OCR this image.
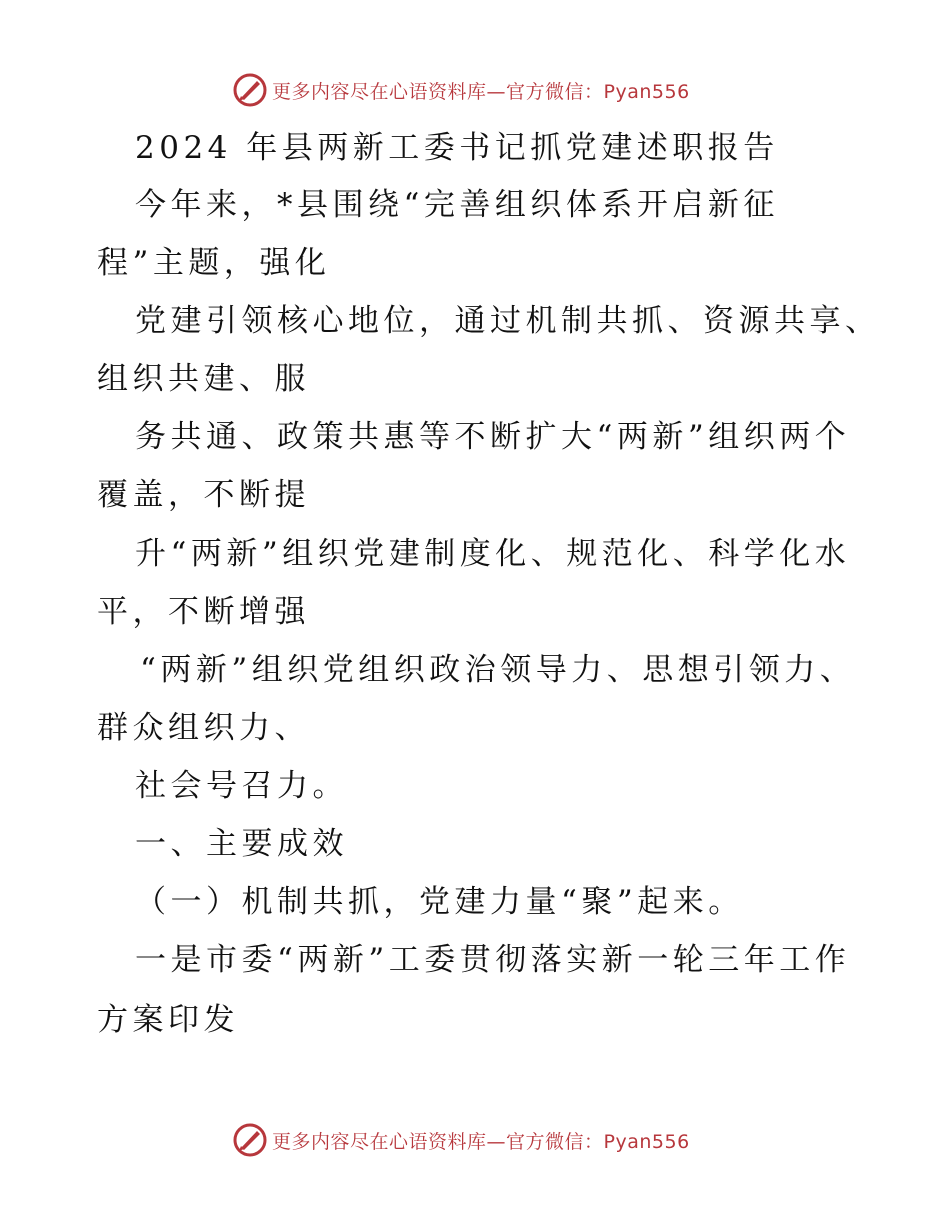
更多内容尽在心语资料库—官方微信：Pyan556
2024 年县两新工委书记抓党建述职报告
今年来，*县围绕“完善组织体系开启新征
程”主题，强化
党建引领核心地位，通过机制共抓、资源共享、
组织共建、服
务共通、政策共惠等不断扩大“两新”组织两个
覆盖，不断提
升“两新”组织党建制度化、规范化、科学化水
平，不断增强
“两新”组织党组织政治领导力、思想引领力、
群众组织力、
社会号召力。
一、主要成效
（一）机制共抓，党建力量“聚”起来。
一是市委“两新”工委贯彻落实新一轮三年工作
方案印发
更多内容尽在心语资料库—官方微信：Pyan556
